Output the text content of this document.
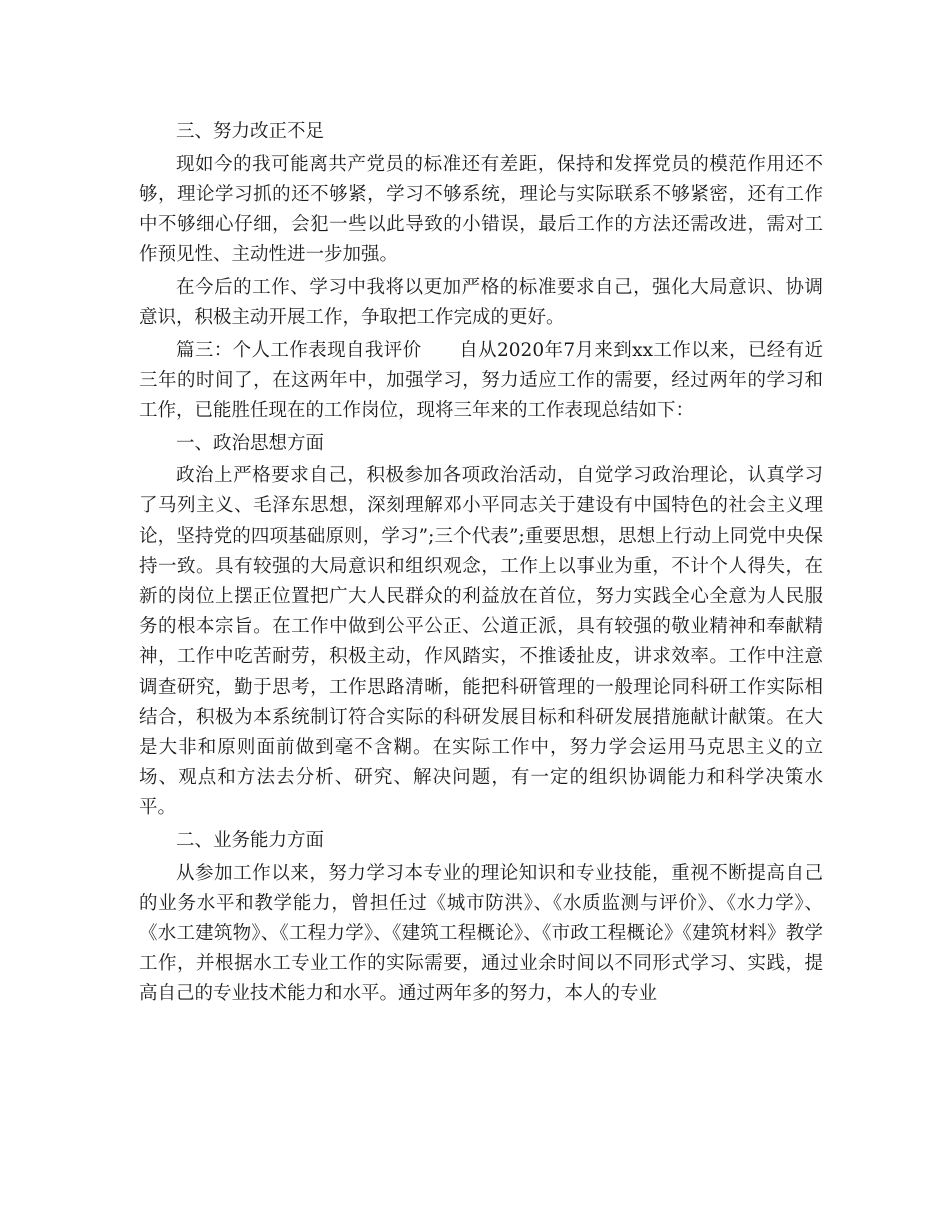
三、努力改正不足

现如今的我可能离共产党员的标准还有差距，保持和发挥党员的模范作用还不够，理论学习抓的还不够紧，学习不够系统，理论与实际联系不够紧密，还有工作中不够细心仔细，会犯一些以此导致的小错误，最后工作的方法还需改进，需对工作预见性、主动性进一步加强。

在今后的工作、学习中我将以更加严格的标准要求自己，强化大局意识、协调意识，积极主动开展工作，争取把工作完成的更好。

篇三：个人工作表现自我评价　　自从2020年7月来到xx工作以来，已经有近三年的时间了，在这两年中，加强学习，努力适应工作的需要，经过两年的学习和工作，已能胜任现在的工作岗位，现将三年来的工作表现总结如下：

一、政治思想方面

政治上严格要求自己，积极参加各项政治活动，自觉学习政治理论，认真学习了马列主义、毛泽东思想，深刻理解邓小平同志关于建设有中国特色的社会主义理论，坚持党的四项基础原则，学习”;三个代表”;重要思想，思想上行动上同党中央保持一致。具有较强的大局意识和组织观念，工作上以事业为重，不计个人得失，在新的岗位上摆正位置把广大人民群众的利益放在首位，努力实践全心全意为人民服务的根本宗旨。在工作中做到公平公正、公道正派，具有较强的敬业精神和奉献精神，工作中吃苦耐劳，积极主动，作风踏实，不推诿扯皮，讲求效率。工作中注意调查研究，勤于思考，工作思路清晰，能把科研管理的一般理论同科研工作实际相结合，积极为本系统制订符合实际的科研发展目标和科研发展措施献计献策。在大是大非和原则面前做到毫不含糊。在实际工作中，努力学会运用马克思主义的立场、观点和方法去分析、研究、解决问题，有一定的组织协调能力和科学决策水平。

二、业务能力方面

从参加工作以来，努力学习本专业的理论知识和专业技能，重视不断提高自己的业务水平和教学能力，曾担任过《城市防洪》、《水质监测与评价》、《水力学》、《水工建筑物》、《工程力学》、《建筑工程概论》、《市政工程概论》《建筑材料》教学工作，并根据水工专业工作的实际需要，通过业余时间以不同形式学习、实践，提高自己的专业技术能力和水平。通过两年多的努力，本人的专业
